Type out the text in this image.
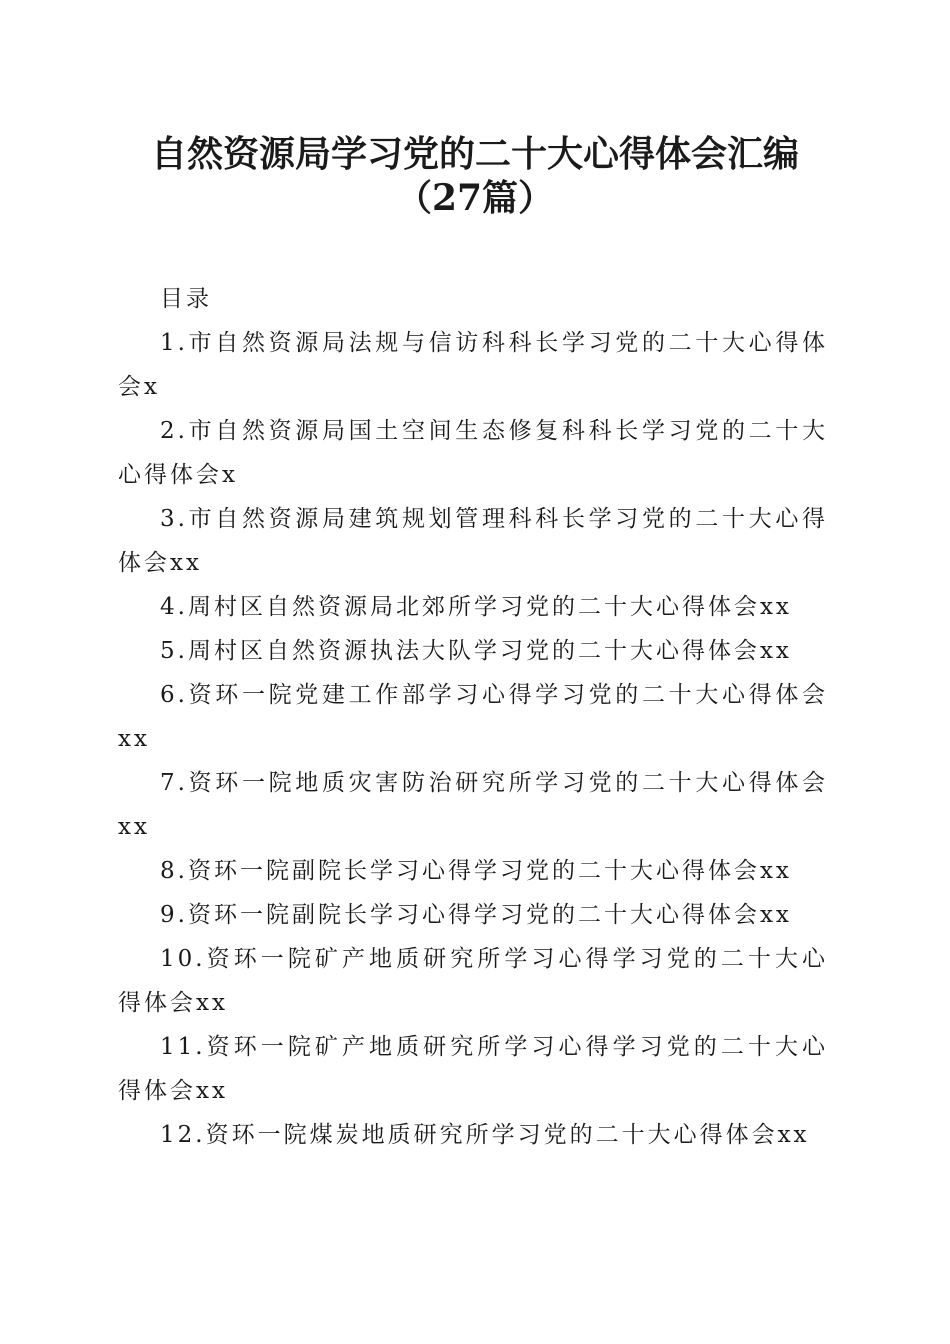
自然资源局学习党的二十大心得体会汇编（27篇）

目录

1.市自然资源局法规与信访科科长学习党的二十大心得体会x
2.市自然资源局国土空间生态修复科科长学习党的二十大心得体会x
3.市自然资源局建筑规划管理科科长学习党的二十大心得体会xx
4.周村区自然资源局北郊所学习党的二十大心得体会xx
5.周村区自然资源执法大队学习党的二十大心得体会xx
6.资环一院党建工作部学习心得学习党的二十大心得体会xx
7.资环一院地质灾害防治研究所学习党的二十大心得体会xx
8.资环一院副院长学习心得学习党的二十大心得体会xx
9.资环一院副院长学习心得学习党的二十大心得体会xx
10.资环一院矿产地质研究所学习心得学习党的二十大心得体会xx
11.资环一院矿产地质研究所学习心得学习党的二十大心得体会xx
12.资环一院煤炭地质研究所学习党的二十大心得体会xx
